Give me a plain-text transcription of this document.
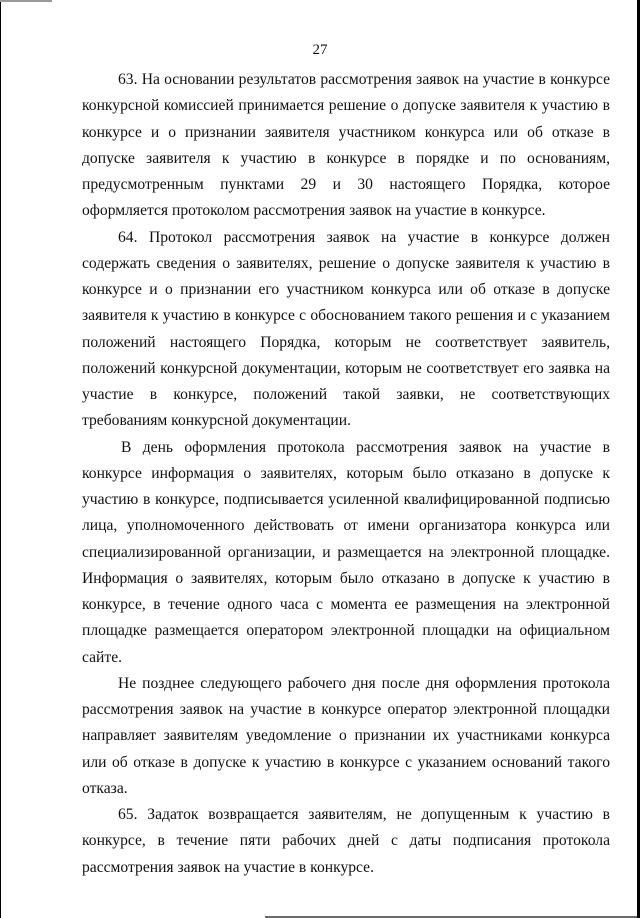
27

63. На основании результатов рассмотрения заявок на участие в конкурсе конкурсной комиссией принимается решение о допуске заявителя к участию в конкурсе и о признании заявителя участником конкурса или об отказе в допуске заявителя к участию в конкурсе в порядке и по основаниям, предусмотренным пунктами 29 и 30 настоящего Порядка, которое оформляется протоколом рассмотрения заявок на участие в конкурсе.

64. Протокол рассмотрения заявок на участие в конкурсе должен содержать сведения о заявителях, решение о допуске заявителя к участию в конкурсе и о признании его участником конкурса или об отказе в допуске заявителя к участию в конкурсе с обоснованием такого решения и с указанием положений настоящего Порядка, которым не соответствует заявитель, положений конкурсной документации, которым не соответствует его заявка на участие в конкурсе, положений такой заявки, не соответствующих требованиям конкурсной документации.

В день оформления протокола рассмотрения заявок на участие в конкурсе информация о заявителях, которым было отказано в допуске к участию в конкурсе, подписывается усиленной квалифицированной подписью лица, уполномоченного действовать от имени организатора конкурса или специализированной организации, и размещается на электронной площадке. Информация о заявителях, которым было отказано в допуске к участию в конкурсе, в течение одного часа с момента ее размещения на электронной площадке размещается оператором электронной площадки на официальном сайте.

Не позднее следующего рабочего дня после дня оформления протокола рассмотрения заявок на участие в конкурсе оператор электронной площадки направляет заявителям уведомление о признании их участниками конкурса или об отказе в допуске к участию в конкурсе с указанием оснований такого отказа.

65. Задаток возвращается заявителям, не допущенным к участию в конкурсе, в течение пяти рабочих дней с даты подписания протокола рассмотрения заявок на участие в конкурсе.
